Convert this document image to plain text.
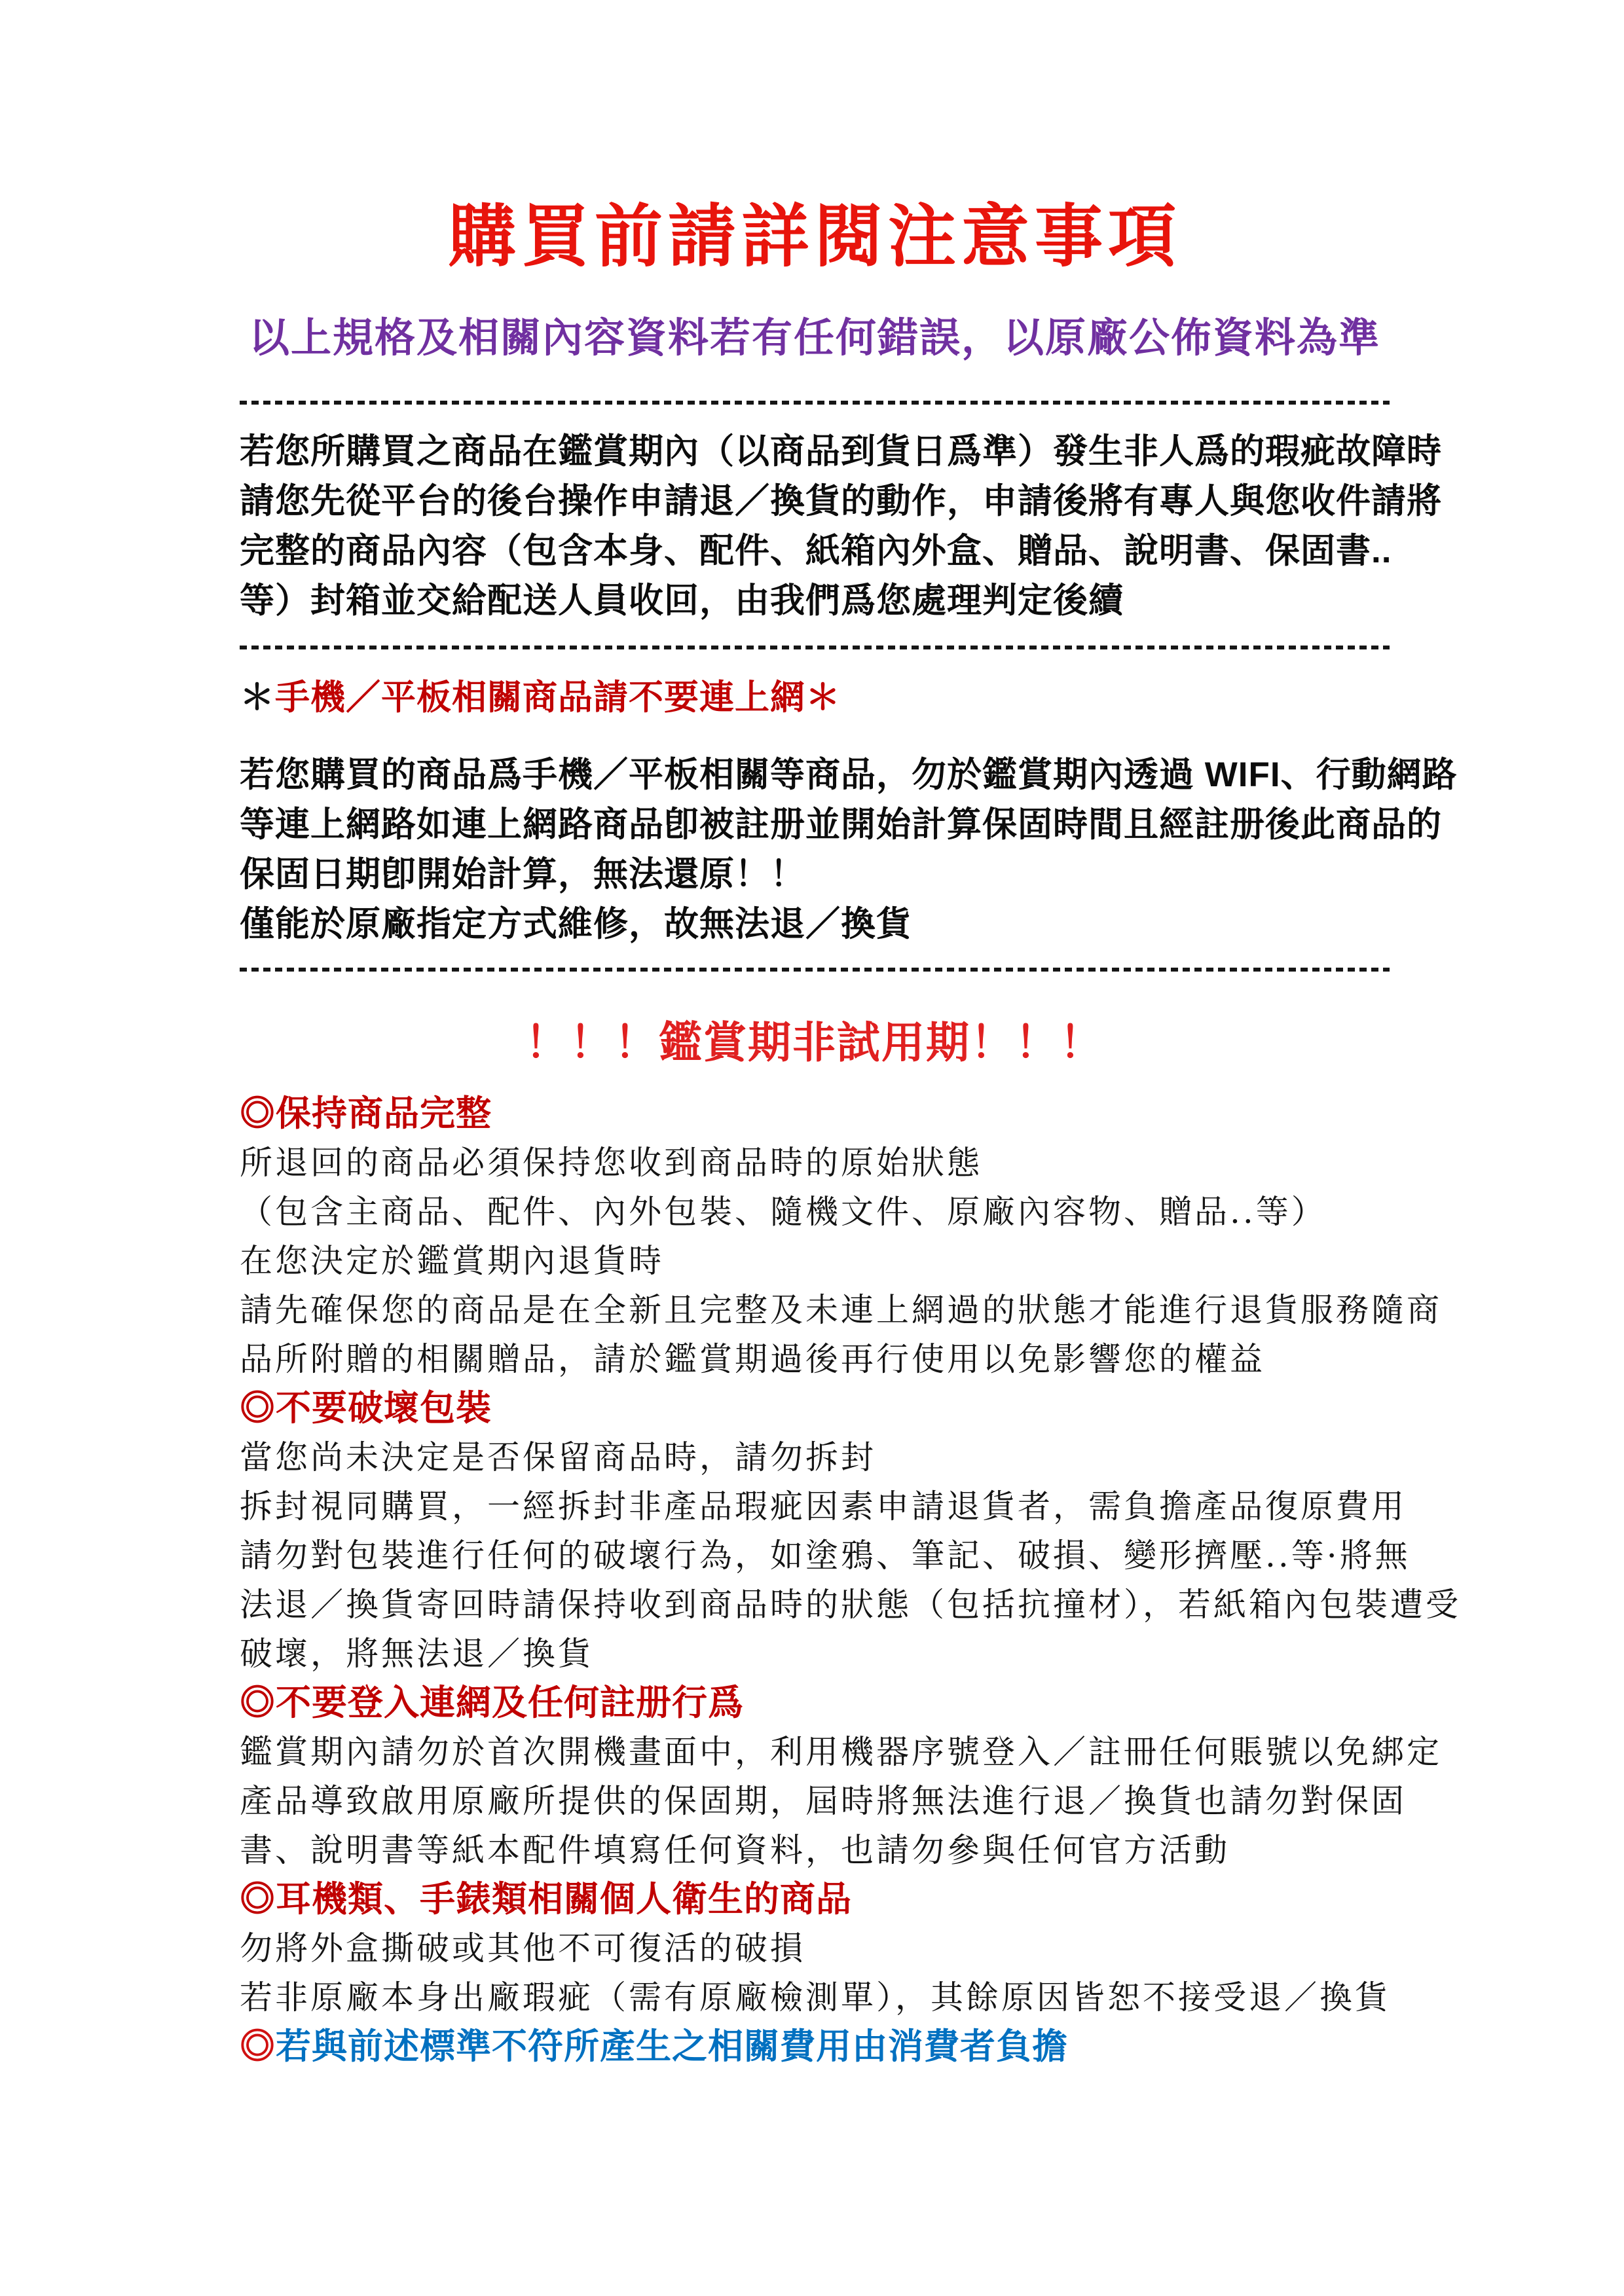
購買前請詳閱注意事項
以上規格及相關內容資料若有任何錯誤，以原廠公佈資料為準
若您所購買之商品在鑑賞期內（以商品到貨日爲準）發生非人爲的瑕疵故障時
請您先從平台的後台操作申請退／換貨的動作，申請後將有專人與您收件請將
完整的商品內容（包含本身、配件、紙箱內外盒、贈品、說明書、保固書..
等）封箱並交給配送人員收回，由我們爲您處理判定後續
＊手機／平板相關商品請不要連上網＊
若您購買的商品爲手機／平板相關等商品，勿於鑑賞期內透過 WIFI、行動網路
等連上網路如連上網路商品卽被註册並開始計算保固時間且經註册後此商品的
保固日期卽開始計算，無法還原！！
僅能於原廠指定方式維修，故無法退／換貨
！！！鑑賞期非試用期！！！
◎保持商品完整
所退回的商品必須保持您收到商品時的原始狀態
（包含主商品、配件、內外包裝、隨機文件、原廠內容物、贈品..等）
在您決定於鑑賞期內退貨時
請先確保您的商品是在全新且完整及未連上網過的狀態才能進行退貨服務隨商
品所附贈的相關贈品，請於鑑賞期過後再行使用以免影響您的權益
◎不要破壞包裝
當您尚未決定是否保留商品時，請勿拆封
拆封視同購買，一經拆封非產品瑕疵因素申請退貨者，需負擔產品復原費用
請勿對包裝進行任何的破壞行為，如塗鴉、筆記、破損、變形擠壓..等·將無
法退／換貨寄回時請保持收到商品時的狀態（包括抗撞材），若紙箱內包裝遭受
破壞，將無法退／換貨
◎不要登入連網及任何註册行爲
鑑賞期內請勿於首次開機畫面中，利用機器序號登入／註冊任何賬號以免綁定
產品導致啟用原廠所提供的保固期，屆時將無法進行退／換貨也請勿對保固
書、說明書等紙本配件填寫任何資料，也請勿參與任何官方活動
◎耳機類、手錶類相關個人衛生的商品
勿將外盒撕破或其他不可復活的破損
若非原廠本身出廠瑕疵（需有原廠檢測單），其餘原因皆恕不接受退／換貨
◎若與前述標準不符所產生之相關費用由消費者負擔
